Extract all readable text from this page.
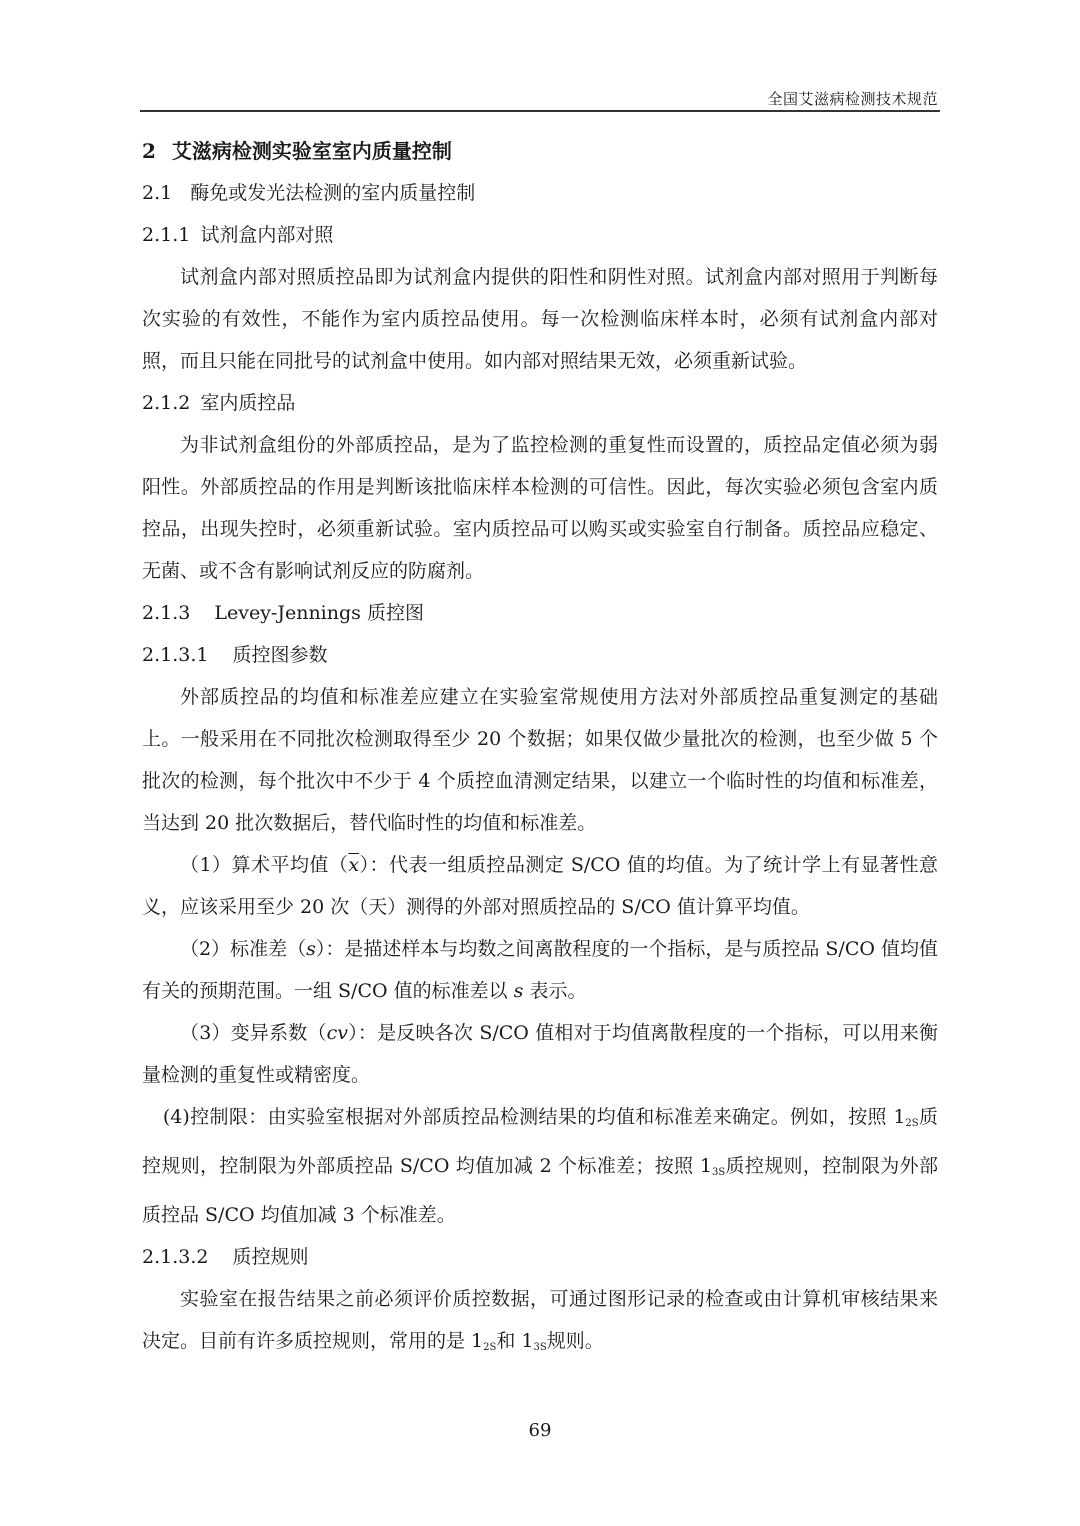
全国艾滋病检测技术规范
2 艾滋病检测实验室室内质量控制
2.1 酶免或发光法检测的室内质量控制
2.1.1 试剂盒内部对照

试剂盒内部对照质控品即为试剂盒内提供的阳性和阴性对照。试剂盒内部对照用于判断每次实验的有效性，不能作为室内质控品使用。每一次检测临床样本时，必须有试剂盒内部对照，而且只能在同批号的试剂盒中使用。如内部对照结果无效，必须重新试验。

2.1.2 室内质控品

为非试剂盒组份的外部质控品，是为了监控检测的重复性而设置的，质控品定值必须为弱阳性。外部质控品的作用是判断该批临床样本检测的可信性。因此，每次实验必须包含室内质控品，出现失控时，必须重新试验。室内质控品可以购买或实验室自行制备。质控品应稳定、无菌、或不含有影响试剂反应的防腐剂。

2.1.3 Levey-Jennings 质控图
2.1.3.1 质控图参数

外部质控品的均值和标准差应建立在实验室常规使用方法对外部质控品重复测定的基础上。一般采用在不同批次检测取得至少 20 个数据；如果仅做少量批次的检测，也至少做 5 个批次的检测，每个批次中不少于 4 个质控血清测定结果，以建立一个临时性的均值和标准差，当达到 20 批次数据后，替代临时性的均值和标准差。

（1）算术平均值$(\overline{x})$：代表一组质控品测定 S/CO 值的均值。为了统计学上有显著性意义，应该采用至少 20 次（天）测得的外部对照质控品的 S/CO 值计算平均值。

（2）标准差（s）：是描述样本与均数之间离散程度的一个指标，是与质控品 S/CO 值均值有关的预期范围。一组 S/CO 值的标准差以 s 表示。

（3）变异系数（cv）：是反映各次 S/CO 值相对于均值离散程度的一个指标，可以用来衡量检测的重复性或精密度。

(4)控制限：由实验室根据对外部质控品检测结果的均值和标准差来确定。例如，按照 $1_{2S}$质控规则，控制限为外部质控品 S/CO 均值加减 2 个标准差；按照 $1_{3S}$质控规则，控制限为外部质控品 S/CO 均值加减 3 个标准差。

2.1.3.2 质控规则

实验室在报告结果之前必须评价质控数据，可通过图形记录的检查或由计算机审核结果来决定。目前有许多质控规则，常用的是 $1_{2S}$和 $1_{3S}$规则。

69
